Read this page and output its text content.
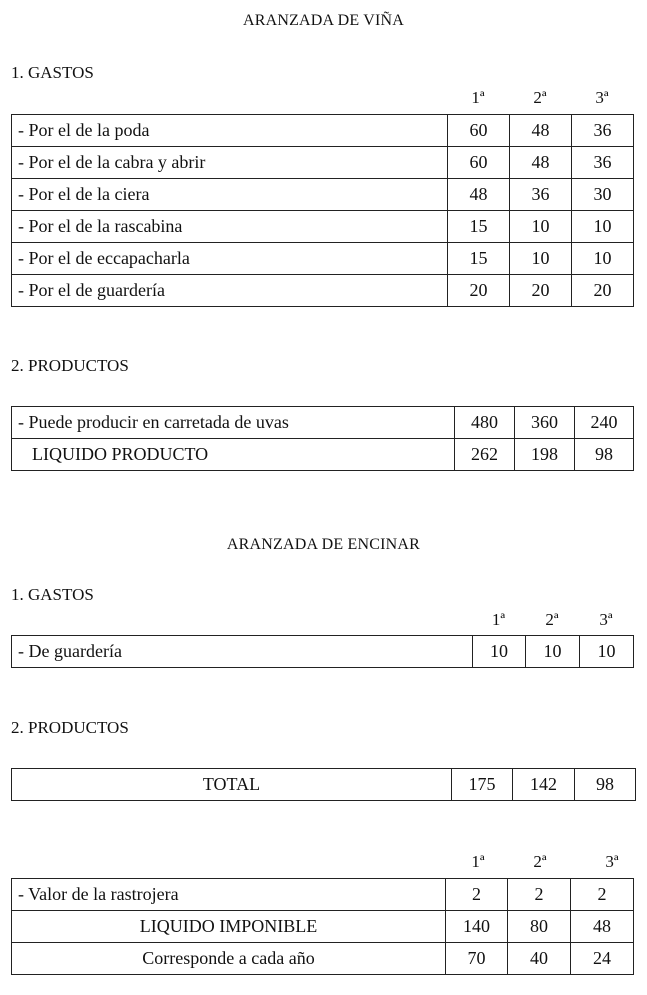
ARANZADA DE VIÑA
1. GASTOS
1ª	2ª	3ª
- Por el de la poda	60	48	36
- Por el de la cabra y abrir	60	48	36
- Por el de la ciera	48	36	30
- Por el de la rascabina	15	10	10
- Por el de eccapacharla	15	10	10
- Por el de guardería	20	20	20
2. PRODUCTOS
- Puede producir en carretada de uvas	480	360	240
LIQUIDO PRODUCTO	262	198	98
ARANZADA DE ENCINAR
1. GASTOS
1ª	2ª	3ª
- De guardería	10	10	10
2. PRODUCTOS
TOTAL	175	142	98
1ª	2ª	3ª
- Valor de la rastrojera	2	2	2
LIQUIDO IMPONIBLE	140	80	48
Corresponde a cada año	70	40	24
